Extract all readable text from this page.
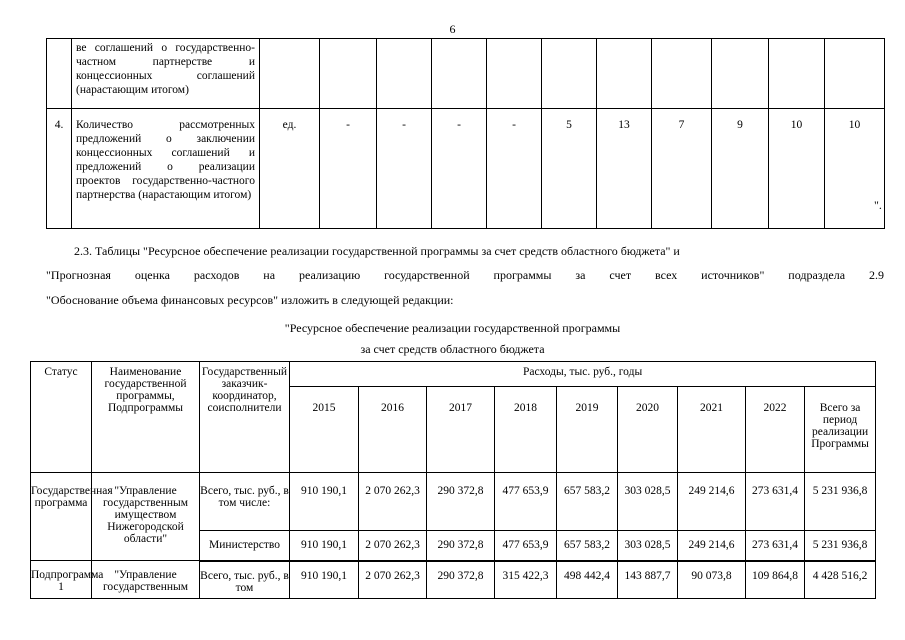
6
	ве соглашений о государственно-частном партнерстве и концессионных соглашений (нарастающим итогом)											
4.	Количество рассмотренных предложений о заключении концессионных соглашений и предложений о реализации проектов государственно-частного партнерства (нарастающим итогом)	ед.	-	-	-	-	5	13	7	9	10	10
".
2.3. Таблицы "Ресурсное обеспечение реализации государственной программы за счет средств областного бюджета" и
"Прогнозная оценка расходов на реализацию государственной программы за счет всех источников" подраздела 2.9
"Обоснование объема финансовых ресурсов" изложить в следующей редакции:
"Ресурсное обеспечение реализации государственной программы
за счет средств областного бюджета
Статус	Наименование государственной программы, Подпрограммы	Государственный заказчик-координатор, соисполнители	Расходы, тыс. руб., годы								
			2015	2016	2017	2018	2019	2020	2021	2022	Всего за период реализации Программы
Государственная программа	"Управление государственным имуществом Нижегородской области"	Всего, тыс. руб., в том числе:	910 190,1	2 070 262,3	290 372,8	477 653,9	657 583,2	303 028,5	249 214,6	273 631,4	5 231 936,8
		Министерство	910 190,1	2 070 262,3	290 372,8	477 653,9	657 583,2	303 028,5	249 214,6	273 631,4	5 231 936,8
Подпрограмма 1	"Управление государственным	Всего, тыс. руб., в том	910 190,1	2 070 262,3	290 372,8	315 422,3	498 442,4	143 887,7	90 073,8	109 864,8	4 428 516,2
